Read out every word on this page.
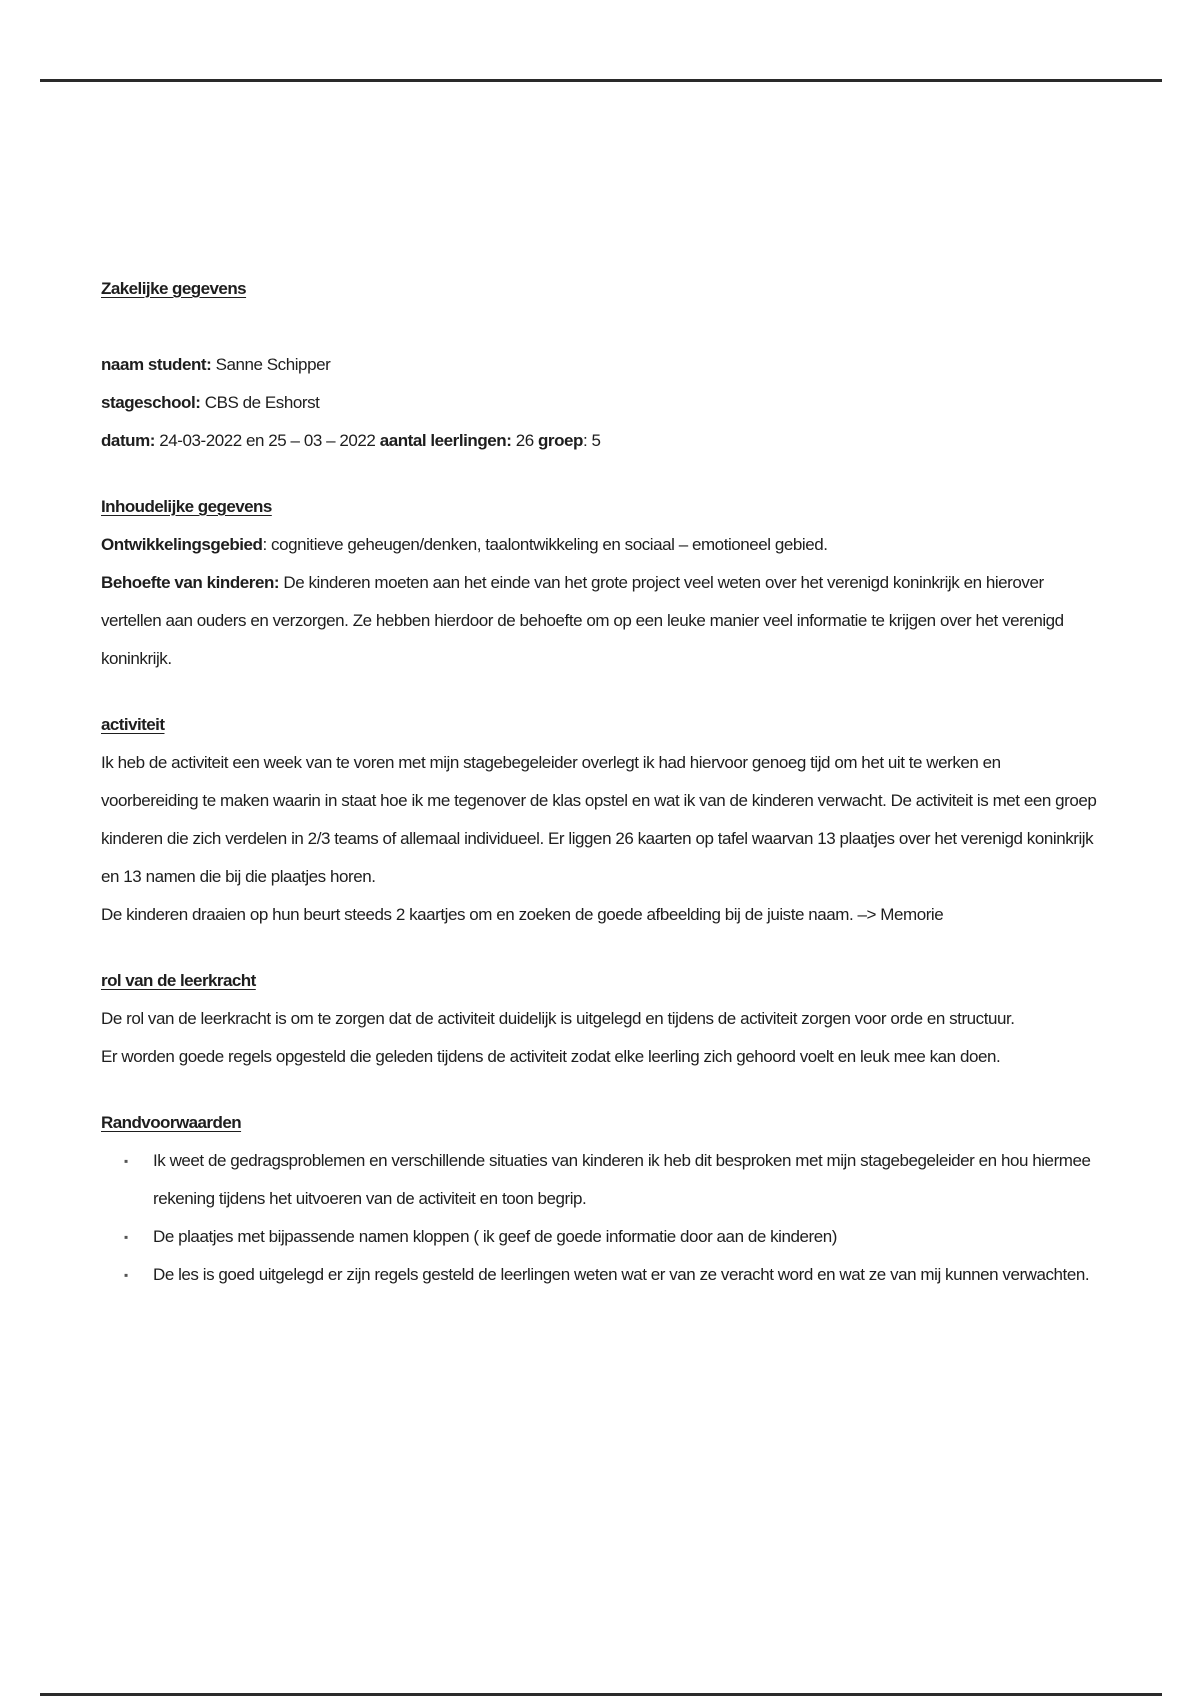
Zakelijke gegevens
naam student: Sanne Schipper
stageschool: CBS de Eshorst
datum: 24-03-2022 en 25 – 03 – 2022 aantal leerlingen: 26 groep: 5
Inhoudelijke gegevens
Ontwikkelingsgebied: cognitieve geheugen/denken, taalontwikkeling en sociaal – emotioneel gebied.
Behoefte van kinderen: De kinderen moeten aan het einde van het grote project veel weten over het verenigd koninkrijk en hierover vertellen aan ouders en verzorgen. Ze hebben hierdoor de behoefte om op een leuke manier veel informatie te krijgen over het verenigd koninkrijk.
activiteit
Ik heb de activiteit een week van te voren met mijn stagebegeleider overlegt ik had hiervoor genoeg tijd om het uit te werken en voorbereiding te maken waarin in staat hoe ik me tegenover de klas opstel en wat ik van de kinderen verwacht. De activiteit is met een groep kinderen die zich verdelen in 2/3 teams of allemaal individueel. Er liggen 26 kaarten op tafel waarvan 13 plaatjes over het verenigd koninkrijk en 13 namen die bij die plaatjes horen.
De kinderen draaien op hun beurt steeds 2 kaartjes om en zoeken de goede afbeelding bij de juiste naam. –> Memorie
rol van de leerkracht
De rol van de leerkracht is om te zorgen dat de activiteit duidelijk is uitgelegd en tijdens de activiteit zorgen voor orde en structuur.
Er worden goede regels opgesteld die geleden tijdens de activiteit zodat elke leerling zich gehoord voelt en leuk mee kan doen.
Randvoorwaarden
▪ Ik weet de gedragsproblemen en verschillende situaties van kinderen ik heb dit besproken met mijn stagebegeleider en hou hiermee rekening tijdens het uitvoeren van de activiteit en toon begrip.
▪ De plaatjes met bijpassende namen kloppen ( ik geef de goede informatie door aan de kinderen)
▪ De les is goed uitgelegd er zijn regels gesteld de leerlingen weten wat er van ze veracht word en wat ze van mij kunnen verwachten.
